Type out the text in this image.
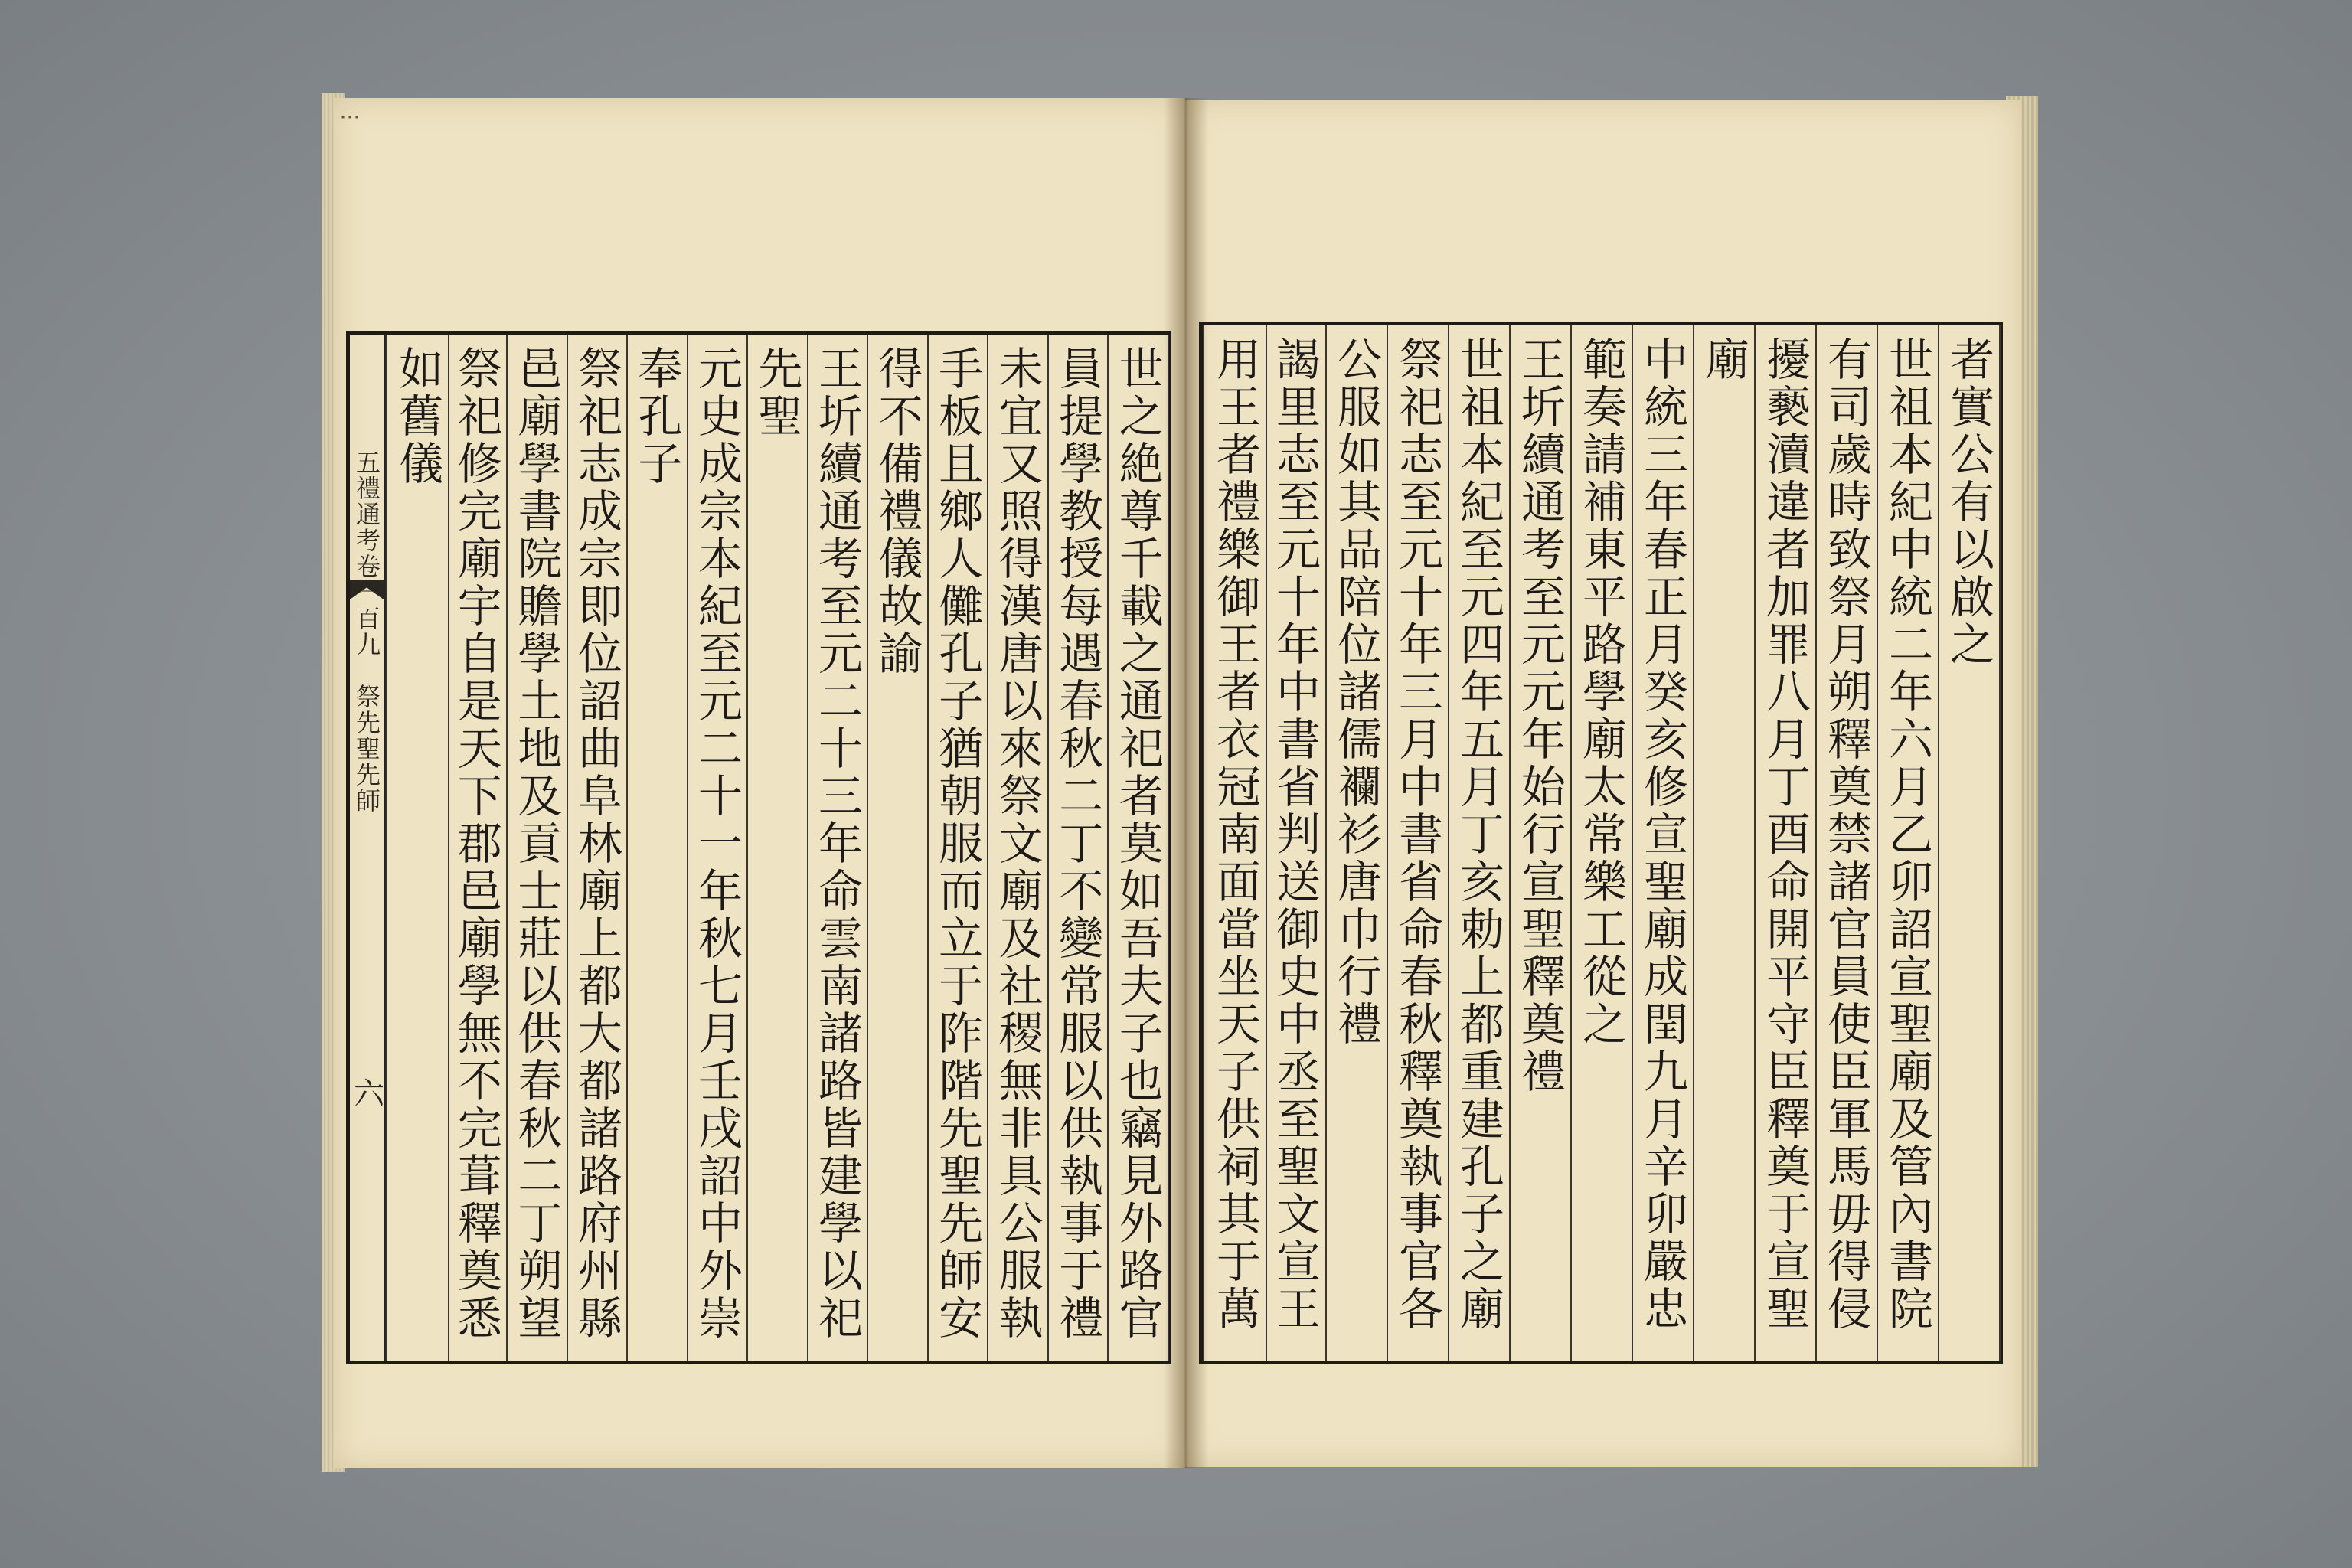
五禮通考卷一百九　祭先聖先師
六	世之絶尊千載之通祀者莫如吾夫子也竊見外路官
員提學教授每遇春秋二丁不變常服以供執事于禮
未宜又照得漢唐以來祭文廟及社稷無非具公服執
手板且鄉人儺孔子猶朝服而立于阼階先聖先師安
得不備禮儀故諭
王圻續通考至元二十三年命雲南諸路皆建學以祀
先聖
元史成宗本紀至元二十一年秋七月壬戌詔中外崇
奉孔子
祭祀志成宗即位詔曲阜林廟上都大都諸路府州縣
邑廟學書院贍學土地及貢士莊以供春秋二丁朔望
祭祀修完廟宇自是天下郡邑廟學無不完葺釋奠悉
如舊儀	者實公有以啟之
世祖本紀中統二年六月乙卯詔宣聖廟及管內書院
有司歲時致祭月朔釋奠禁諸官員使臣軍馬毋得侵
擾褻瀆違者加罪八月丁酉命開平守臣釋奠于宣聖
廟
中統三年春正月癸亥修宣聖廟成閏九月辛卯嚴忠
範奏請補東平路學廟太常樂工從之
王圻續通考至元元年始行宣聖釋奠禮
世祖本紀至元四年五月丁亥勅上都重建孔子之廟
祭祀志至元十年三月中書省命春秋釋奠執事官各
公服如其品陪位諸儒襴衫唐巾行禮
謁里志至元十年中書省判送御史中丞至聖文宣王
用王者禮樂御王者衣冠南面當坐天子供祠其于萬
⋮
